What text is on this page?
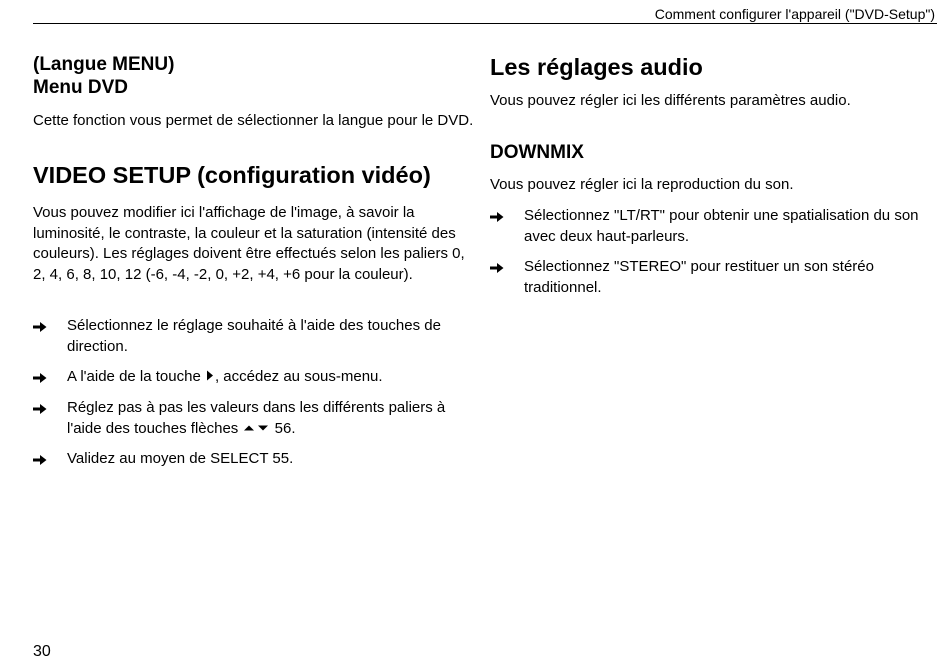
Comment configurer l'appareil ("DVD-Setup")
(Langue MENU)
Menu DVD

Cette fonction vous permet de sélectionner la langue pour le DVD.

VIDEO SETUP (configuration vidéo)

Vous pouvez modifier ici l'affichage de l'image, à savoir la luminosité, le contraste, la couleur et la saturation (intensité des couleurs). Les réglages doivent être effectués selon les paliers 0, 2, 4, 6, 8, 10, 12 (-6, -4, -2, 0, +2, +4, +6 pour la couleur).

Sélectionnez le réglage souhaité à l'aide des touches de direction.
A l'aide de la touche , accédez au sous-menu.
Réglez pas à pas les valeurs dans les différents paliers à l'aide des touches flèches  56.
Validez au moyen de SELECT 55.
Les réglages audio

Vous pouvez régler ici les différents paramètres audio.

DOWNMIX

Vous pouvez régler ici la reproduction du son.

Sélectionnez "LT/RT" pour obtenir une spatialisation du son avec deux haut-parleurs.
Sélectionnez "STEREO" pour restituer un son stéréo traditionnel.
30
